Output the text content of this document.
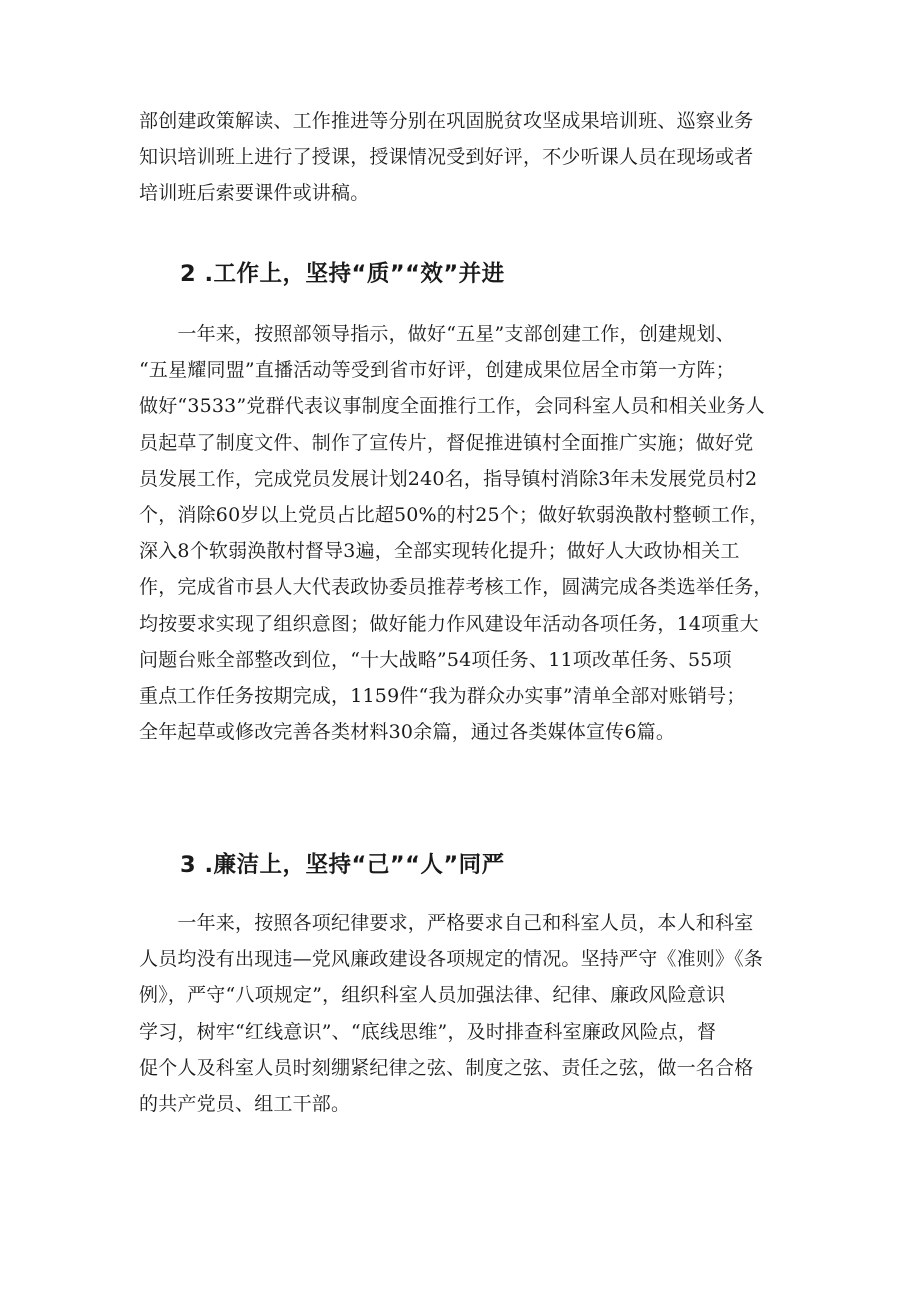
部创建政策解读、工作推进等分别在巩固脱贫攻坚成果培训班、巡察业务
知识培训班上进行了授课，授课情况受到好评，不少听课人员在现场或者
培训班后索要课件或讲稿。

2 .工作上，坚持“质”“效”并进

　　一年来，按照部领导指示，做好“五星”支部创建工作，创建规划、
“五星耀同盟”直播活动等受到省市好评，创建成果位居全市第一方阵；
做好“3533”党群代表议事制度全面推行工作，会同科室人员和相关业务人
员起草了制度文件、制作了宣传片，督促推进镇村全面推广实施；做好党
员发展工作，完成党员发展计划240名，指导镇村消除3年未发展党员村2
个，消除60岁以上党员占比超50%的村25个；做好软弱涣散村整顿工作，
深入8个软弱涣散村督导3遍，全部实现转化提升；做好人大政协相关工
作，完成省市县人大代表政协委员推荐考核工作，圆满完成各类选举任务，
均按要求实现了组织意图；做好能力作风建设年活动各项任务，14项重大
问题台账全部整改到位，“十大战略”54项任务、11项改革任务、55项
重点工作任务按期完成，1159件“我为群众办实事”清单全部对账销号；
全年起草或修改完善各类材料30余篇，通过各类媒体宣传6篇。

3 .廉洁上，坚持“己”“人”同严

　　一年来，按照各项纪律要求，严格要求自己和科室人员，本人和科室
人员均没有出现违—党风廉政建设各项规定的情况。坚持严守《准则》《条
例》，严守“八项规定”，组织科室人员加强法律、纪律、廉政风险意识
学习，树牢“红线意识”、“底线思维”，及时排查科室廉政风险点，督
促个人及科室人员时刻绷紧纪律之弦、制度之弦、责任之弦，做一名合格
的共产党员、组工干部。
